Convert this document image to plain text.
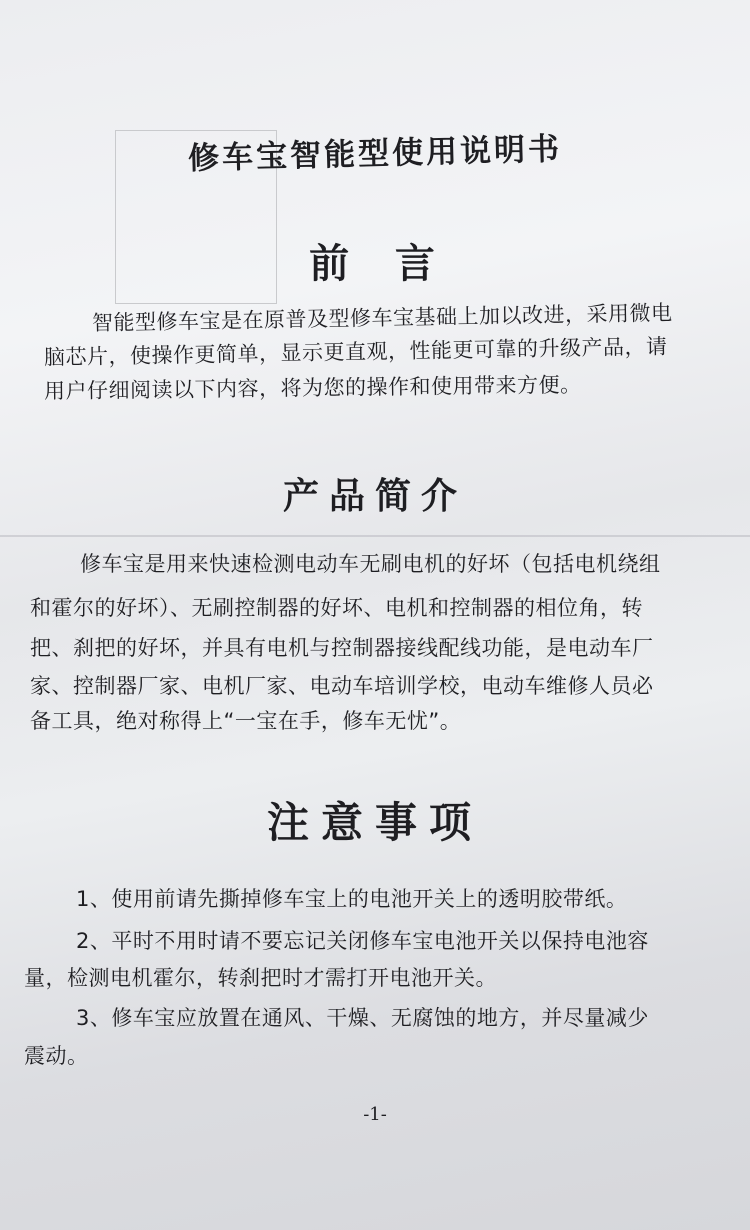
修车宝智能型使用说明书
前  言
智能型修车宝是在原普及型修车宝基础上加以改进，采用微电
脑芯片，使操作更简单，显示更直观，性能更可靠的升级产品，请
用户仔细阅读以下内容，将为您的操作和使用带来方便。
产品简介
修车宝是用来快速检测电动车无刷电机的好坏（包括电机绕组
和霍尔的好坏）、无刷控制器的好坏、电机和控制器的相位角，转
把、刹把的好坏，并具有电机与控制器接线配线功能，是电动车厂
家、控制器厂家、电机厂家、电动车培训学校，电动车维修人员必
备工具，绝对称得上“一宝在手，修车无忧”。
注意事项
1、使用前请先撕掉修车宝上的电池开关上的透明胶带纸。
2、平时不用时请不要忘记关闭修车宝电池开关以保持电池容
量，检测电机霍尔，转刹把时才需打开电池开关。
3、修车宝应放置在通风、干燥、无腐蚀的地方，并尽量减少
震动。
-1-
